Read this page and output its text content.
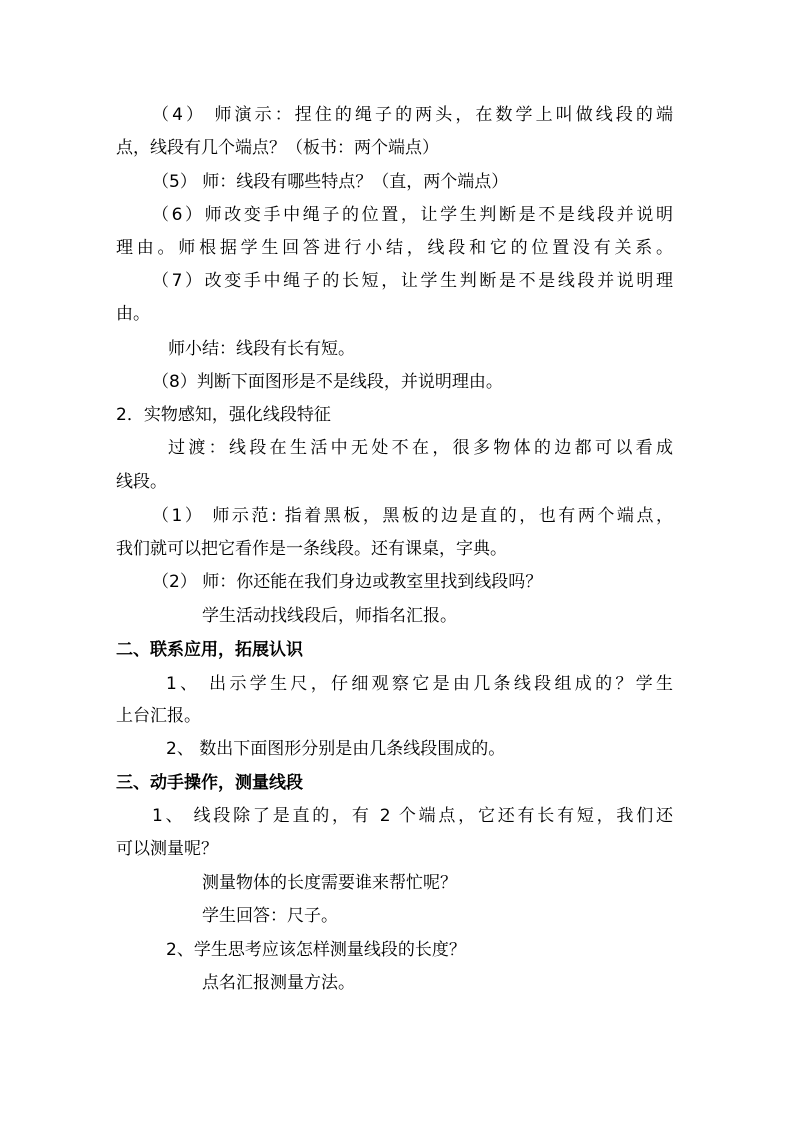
（4） 师演示：捏住的绳子的两头，在数学上叫做线段的端
点，线段有几个端点？（板书：两个端点）
（5） 师：线段有哪些特点？（直，两个端点）
（6）师改变手中绳子的位置，让学生判断是不是线段并说明
理由。师根据学生回答进行小结，线段和它的位置没有关系。
（7）改变手中绳子的长短，让学生判断是不是线段并说明理
由。
师小结：线段有长有短。
（8）判断下面图形是不是线段，并说明理由。
2．实物感知，强化线段特征
过渡：线段在生活中无处不在，很多物体的边都可以看成
线段。
（1） 师示范: 指着黑板，黑板的边是直的，也有两个端点，
我们就可以把它看作是一条线段。还有课桌，字典。
（2） 师：你还能在我们身边或教室里找到线段吗？
学生活动找线段后，师指名汇报。
二、联系应用，拓展认识
1、 出示学生尺，仔细观察它是由几条线段组成的？学生
上台汇报。
2、 数出下面图形分别是由几条线段围成的。
三、动手操作，测量线段
1、 线段除了是直的，有 2 个端点，它还有长有短，我们还
可以测量呢？
测量物体的长度需要谁来帮忙呢？
学生回答：尺子。
2、学生思考应该怎样测量线段的长度？
点名汇报测量方法。
